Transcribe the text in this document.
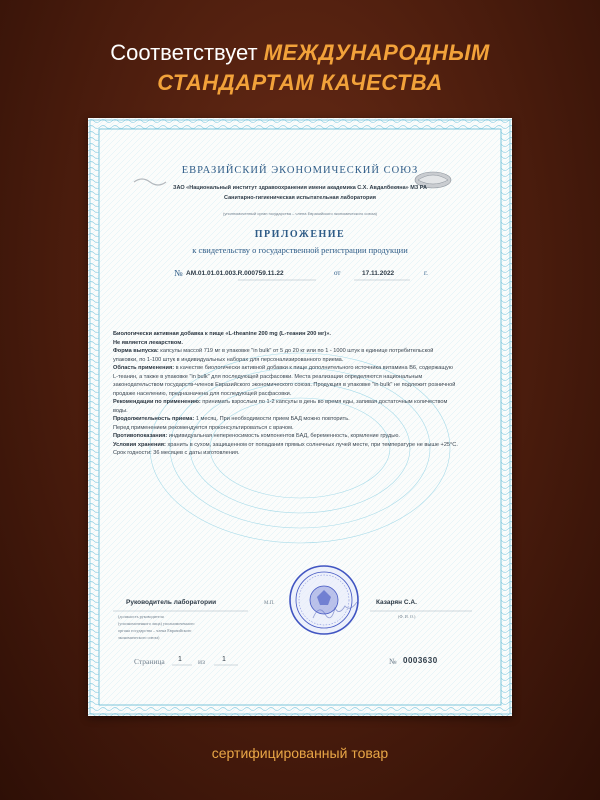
Соответствует МЕЖДУНАРОДНЫМ
СТАНДАРТАМ КАЧЕСТВА
ЕВРАЗИЙСКИЙ ЭКОНОМИЧЕСКИЙ СОЮЗ
ЗАО «Национальный институт здравоохранения имени академика С.Х. Авдалбекяна» МЗ РА
Санитарно-гигиеническая испытательная лаборатория
(уполномоченный орган государства – члена Евразийского экономического союза)
ПРИЛОЖЕНИЕ
к свидетельству о государственной регистрации продукции
№ AM.01.01.01.003.R.000759.11.22	от	17.11.2022	г.

Биологически активная добавка к пище «L-theanine 200 mg (L-теанин 200 мг)».

Не является лекарством.

Форма выпуска: капсулы массой 719 мг в упаковке "in bulk" от 5 до 20 кг или по 1 - 1000 штук в единице потребительской упаковки, по 1-100 штук в индивидуальных наборах для персонализированного приема.

Область применения: в качестве биологически активной добавки к пище дополнительного источника витамина В6, содержащую L-теанин, а также в упаковке "in bulk" для последующей расфасовки. Места реализации определяются национальным законодательством государств-членов Евразийского экономического союза. Продукция в упаковке "in bulk" не подлежит розничной продаже населению, предназначена для последующей расфасовки.

Рекомендации по применению: принимать взрослым по 1-2 капсулы в день во время еды, запивая достаточным количеством воды.

Продолжительность приема: 1 месяц. При необходимости прием БАД можно повторить.

Перед применением рекомендуется проконсультироваться с врачом.

Противопоказания: индивидуальная непереносимость компонентов БАД, беременность, кормление грудью.

Условия хранения: хранить в сухом, защищенном от попадания прямых солнечных лучей месте, при температуре не выше +25°С.

Срок годности: 36 месяцев с даты изготовления.

Руководитель лаборатории	М.П.	Казарян С.А.
(должность руководителя
(уполномоченного лица) уполномоченного
органа государства – члена Евразийского
экономического союза)
(Ф. И. О.)
Страница 1 из 1	№ 0003630
сертифицированный товар
